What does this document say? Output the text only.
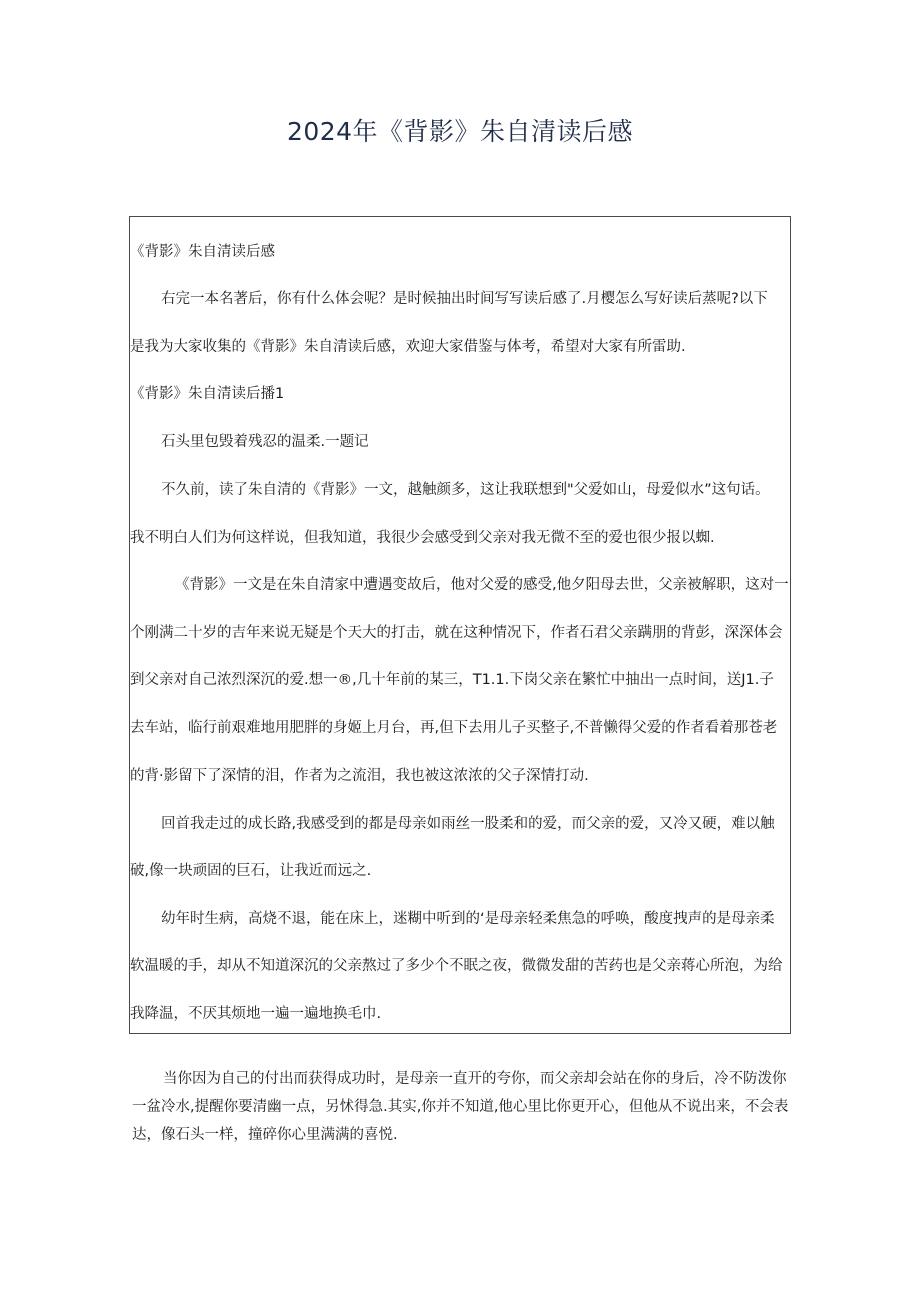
2024年《背影》朱自清读后感
《背影》朱自清读后感
右完一本名著后，你有什么体会呢？是时候抽出时间写写读后感了.月樱怎么写好读后蒸呢?以下
是我为大家收集的《背影》朱自清读后感，欢迎大家借鉴与体考，希望对大家有所雷助.
《背影》朱自清读后播1
石头里包毁着残忍的温柔.一题记
不久前，读了朱自清的《背影》一文，越触颜多，这让我联想到"父爱如山，母爱似水”这句话。
我不明白人们为何这样说，但我知道，我很少会感受到父亲对我无微不至的爱也很少报以蜘.
《背影》一文是在朱自清家中遭遇变故后，他对父爱的感受,他夕阳母去世，父亲被解职，这对一
个刚满二十岁的吉年来说无疑是个天大的打击，就在这种情况下，作者石君父亲蹒朋的背彭，深深体会
到父亲对自己浓烈深沉的爱.想一®,几十年前的某三，T1.1.下岗父亲在繁忙中抽出一点时间，送J1.子
去车站，临行前艰难地用肥胖的身姬上月台，再,但下去用儿子买整子,不普懒得父爱的作者看着那苍老
的背·影留下了深情的泪，作者为之流泪，我也被这浓浓的父子深情打动.
回首我走过的成长路,我感受到的都是母亲如雨丝一股柔和的爱，而父亲的爱，又冷又硬，难以触
破,像一块顽固的巨石，让我近而远之.
幼年时生病，高烧不退，能在床上，迷糊中听到的‘是母亲轻柔焦急的呼唤，酸度拽声的是母亲柔
软温暖的手，却从不知道深沉的父亲熬过了多少个不眠之夜，微微发甜的苦药也是父亲蒋心所泡，为给
我降温，不厌其烦地一遍一遍地换毛巾.
当你因为自己的付出而获得成功时，是母亲一直开的夸你，而父亲却会站在你的身后，冷不防泼你
一盆冷水,提醒你要清幽一点，另怵得急.其实,你并不知道,他心里比你更开心，但他从不说出来，不会表
达，像石头一样，撞碎你心里满满的喜悦.
